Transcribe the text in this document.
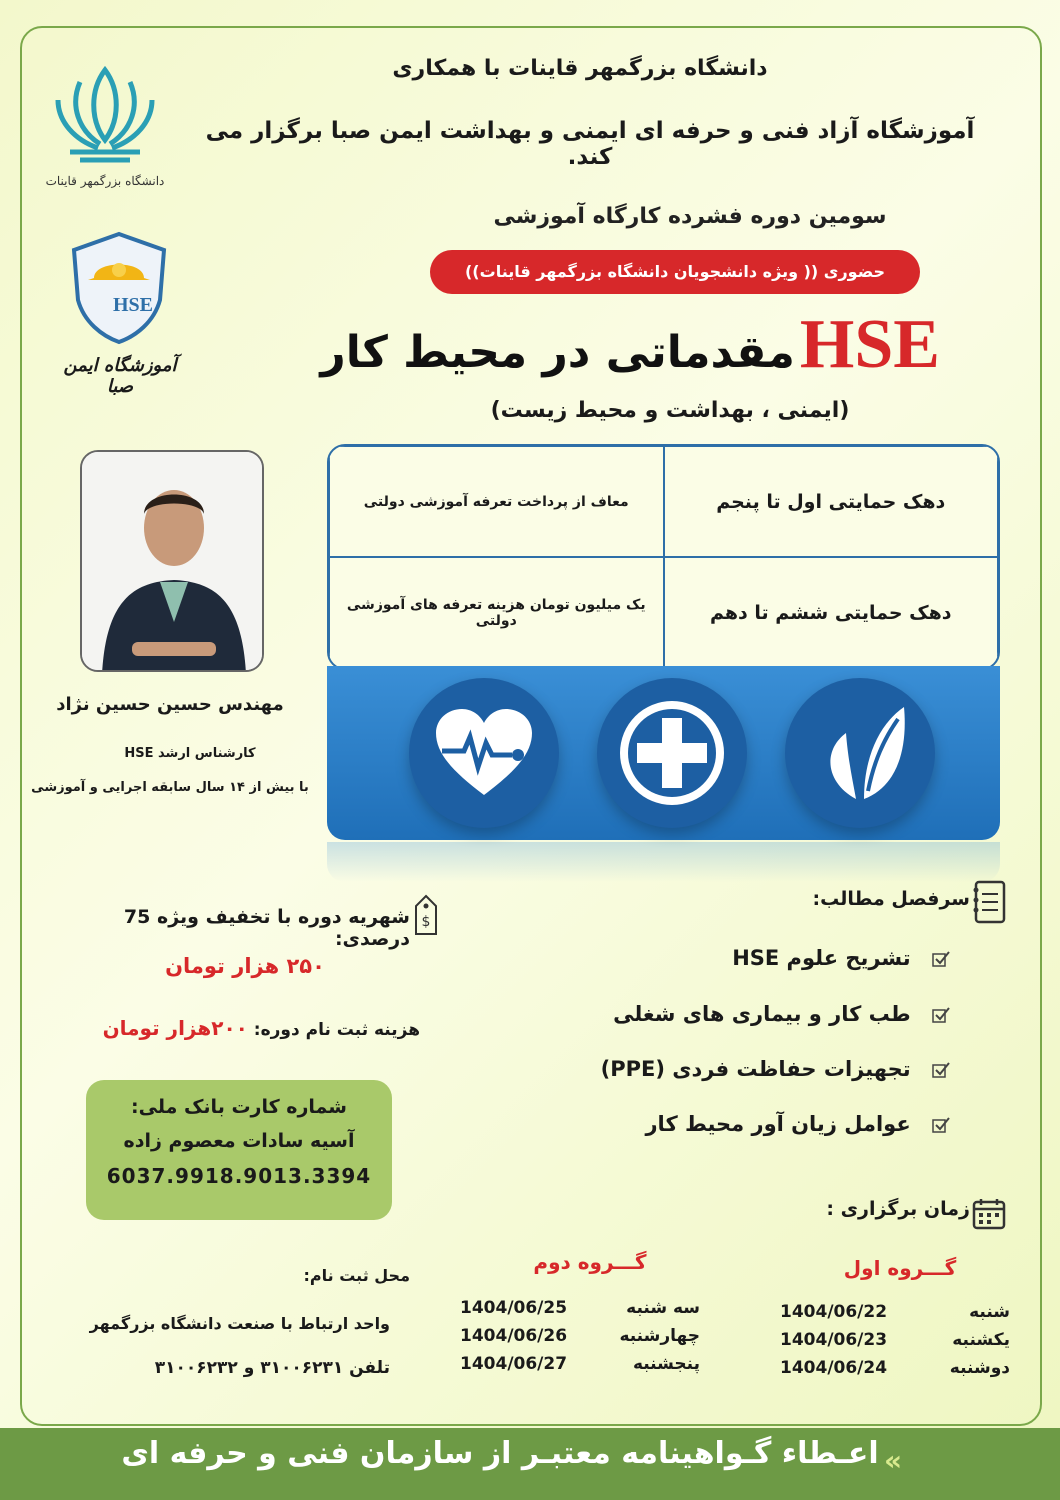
دانشگاه بزرگمهر قاینات
HSE
آموزشگاه ایمن صبا
دانشگاه بزرگمهر قاینات با همکاری
آموزشگاه آزاد فنی و حرفه ای ایمنی و بهداشت ایمن صبا برگزار می کند.
سومین دوره فشرده کارگاه آموزشی
حضوری (( ویژه دانشجویان دانشگاه بزرگمهر قاینات))
HSE مقدماتی در محیط کار
(ایمنی ، بهداشت و محیط زیست)
معاف از پرداخت تعرفه آموزشی دولتی	دهک حمایتی اول تا پنجم
یک میلیون تومان هزینه تعرفه های آموزشی دولتی	دهک حمایتی ششم تا دهم
مهندس حسین حسین نژاد
کارشناس ارشد HSE
با بیش از ۱۴ سال سابقه اجرایی و آموزشی
سرفصل مطالب:
تشریح علوم HSE
طب کار و بیماری های شغلی
تجهیزات حفاظت فردی (PPE)
عوامل زیان آور محیط کار
$
شهریه دوره با تخفیف ویژه 75 درصدی:
۲۵۰ هزار تومان
هزینه ثبت نام دوره: ۲۰۰هزار تومان
شماره کارت بانک ملی:
آسیه سادات معصوم زاده
6037.9918.9013.3394
زمان برگزاری :
گـــروه اول
شنبه
1404/06/22
یکشنبه
1404/06/23
دوشنبه
1404/06/24
گـــروه دوم
سه شنبه
1404/06/25
چهارشنبه
1404/06/26
پنجشنبه
1404/06/27
محل ثبت نام:
واحد ارتباط با صنعت دانشگاه بزرگمهر
تلفن ۳۱۰۰۶۲۳۱ و ۳۱۰۰۶۲۳۲
اعـطاء گـواهینامه معتبـر از سازمان فنی و حرفه ای «
